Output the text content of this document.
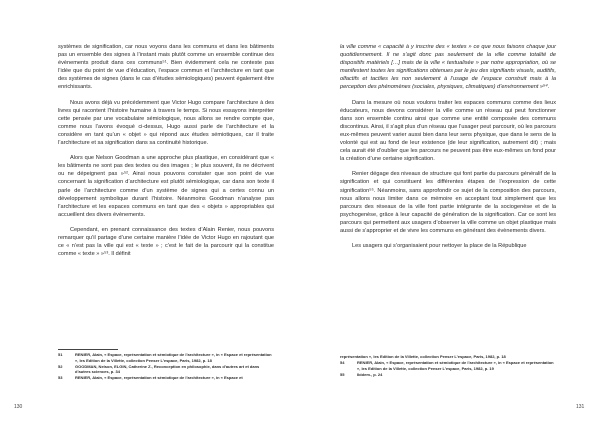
systèmes de signification, car nous voyons dans les communs et dans les bâtiments pas un ensemble des signes à l’instant mais plutôt comme un ensemble continue des évènements produit dans ces communs⁵¹. Bien évidemment cela ne conteste pas l’idée que du point de vue d’éducation, l’espace commun et l’architecture en tant que des systèmes de signes (dans le cas d’études sémiologiques) peuvent également être enrichissants.

Nous avons déjà vu précédemment que Victor Hugo compare l’architecture à des livres qui racontent l’histoire humaine à travers le temps. Si nous essayons interpréter cette pensée par une vocabulaire sémiologique, nous allons se rendre compte que, comme nous l’avons évoqué ci-dessus, Hugo aussi parle de l’architecture et la considère en tant qu’un « objet » qui répond aux études sémiotiques, car il traite l’architecture et sa signification dans sa continuité historique.

Alors que Nelson Goodman a une approche plus plastique, en considérant que « les bâtiments ne sont pas des textes ou des images ; le plus souvent, ils ne décrivent ou ne dépeignent pas »⁵². Ainsi nous pouvons constater que son point de vue concernant la signification d’architecture est plutôt sémiologique, car dans son texte il parle de l’architecture comme d’un système de signes qui a certes connu un développement symbolique durant l’histoire. Néanmoins Goodman n’analyse pas l’architecture et les espaces communs en tant que des « objets » appropriables qui accueillent des divers évènements.

Cependant, en prenant connaissance des textes d’Alain Renier, nous pouvons remarquer qu’il partage d’une certaine manière l’idée de Victor Hugo en rajoutant que ce « n’est pas la ville qui est « texte » ; c’est le fait de la parcourir qui la constitue comme « texte » »⁵³. Il définit

51	RENIER, Alain, « Espace, représentation et sémiotique de l’architecture », in « Espace et représentation », les Edition de la Villette, collection Penser L’espace, Paris, 1982, p. 18
52	GOODMAN, Nelson, ELGIN, Catherine Z., Reconception en philosophie, dans d’autres art et dans d’autres sciences, p. 34
53	RENIER, Alain, « Espace, représentation et sémiotique de l’architecture », in « Espace et
130

la ville comme « capacité à y inscrire des « textes » ce que nous faisons chaque jour quotidiennement. Il ne s’agit donc pas seulement de la ville comme totalité de dispositifs matériels […] mais de la ville « textualisée » par notre appropriation, où se manifestent toutes les significations obtenues par le jeu des signifiants visuels, auditifs, olfactifs et tactiles les non seulement à l’usage de l’espace construit mais à la perception des phénomènes (sociales, physiques, climatiques) d’environnement »⁵⁴.

Dans la mesure où nous voulons traiter les espaces communs comme des lieux éducateurs, nous devons considérer la ville comme un réseau qui peut fonctionner dans son ensemble continu ainsi que comme une entité composée des communs discontinus. Ainsi, il s’agit plus d’un réseau que l’usager peut parcourir, où les parcours eux-mêmes peuvent varier aussi bien dans leur sens physique, que dans le sens de la volonté qui est au fond de leur existence (de leur signification, autrement dit) ; mais cela aurait été d’oublier que les parcours ne peuvent pas être eux-mêmes un fond pour la création d’une certaine signification.

Renier dégage des niveaux de structure qui font partie du parcours généralif de la signification et qui constituent les différentes étapes de l’expression de cette signification⁵⁵. Néanmoins, sans approfondir ce sujet de la composition des parcours, nous allons nous limiter dans ce mémoire en acceptant tout simplement que les parcours des réseaux de la ville font partie intégrante de la sociogenèse et de la psychogenèse, grâce à leur capacité de génération de la signification. Car ce sont les parcours qui permettent aux usagers d’observer la ville comme un objet plastique mais aussi de s’approprier et de vivre les communs en générant des évènements divers.

Les usagers qui s’organisaient pour nettoyer la place de la République

représentation », les Edition de la Villette, collection Penser L’espace, Paris, 1982, p. 18
54	RENIER, Alain, « Espace, représentation et sémiotique de l’architecture », in « Espace et représentation », les Edition de la Villette, collection Penser L’espace, Paris, 1982, p. 19
55	Ibidem., p. 24
131
